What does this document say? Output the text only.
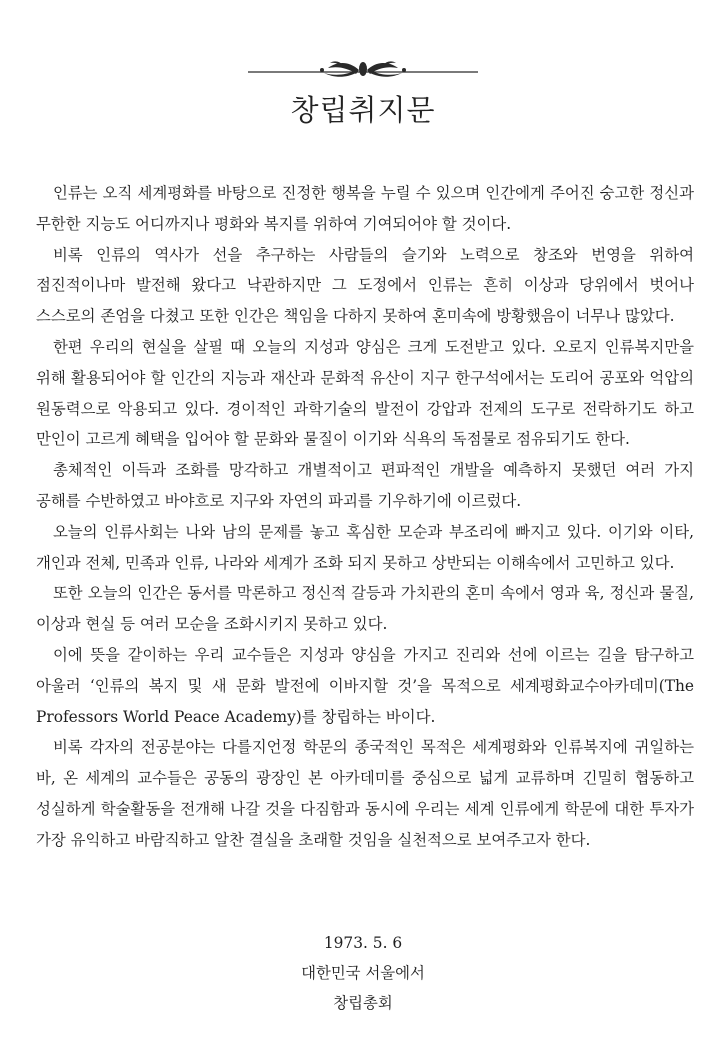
창립취지문

인류는 오직 세계평화를 바탕으로 진정한 행복을 누릴 수 있으며 인간에게 주어진 숭고한 정신과 무한한 지능도 어디까지나 평화와 복지를 위하여 기여되어야 할 것이다.

비록 인류의 역사가 선을 추구하는 사람들의 슬기와 노력으로 창조와 번영을 위하여 점진적이나마 발전해 왔다고 낙관하지만 그 도정에서 인류는 흔히 이상과 당위에서 벗어나 스스로의 존엄을 다쳤고 또한 인간은 책임을 다하지 못하여 혼미속에 방황했음이 너무나 많았다.

한편 우리의 현실을 살필 때 오늘의 지성과 양심은 크게 도전받고 있다. 오로지 인류복지만을 위해 활용되어야 할 인간의 지능과 재산과 문화적 유산이 지구 한구석에서는 도리어 공포와 억압의 원동력으로 악용되고 있다. 경이적인 과학기술의 발전이 강압과 전제의 도구로 전락하기도 하고 만인이 고르게 혜택을 입어야 할 문화와 물질이 이기와 식욕의 독점물로 점유되기도 한다.

총체적인 이득과 조화를 망각하고 개별적이고 편파적인 개발을 예측하지 못했던 여러 가지 공해를 수반하였고 바야흐로 지구와 자연의 파괴를 기우하기에 이르렀다.

오늘의 인류사회는 나와 남의 문제를 놓고 혹심한 모순과 부조리에 빠지고 있다. 이기와 이타, 개인과 전체, 민족과 인류, 나라와 세계가 조화 되지 못하고 상반되는 이해속에서 고민하고 있다.

또한 오늘의 인간은 동서를 막론하고 정신적 갈등과 가치관의 혼미 속에서 영과 육, 정신과 물질, 이상과 현실 등 여러 모순을 조화시키지 못하고 있다.

이에 뜻을 같이하는 우리 교수들은 지성과 양심을 가지고 진리와 선에 이르는 길을 탐구하고 아울러 ‘인류의 복지 및 새 문화 발전에 이바지할 것’을 목적으로 세계평화교수아카데미(The Professors World Peace Academy)를 창립하는 바이다.

비록 각자의 전공분야는 다를지언정 학문의 종국적인 목적은 세계평화와 인류복지에 귀일하는 바, 온 세계의 교수들은 공동의 광장인 본 아카데미를 중심으로 넓게 교류하며 긴밀히 협동하고 성실하게 학술활동을 전개해 나갈 것을 다짐함과 동시에 우리는 세계 인류에게 학문에 대한 투자가 가장 유익하고 바람직하고 알찬 결실을 초래할 것임을 실천적으로 보여주고자 한다.

1973. 5. 6
대한민국 서울에서
창립총회
